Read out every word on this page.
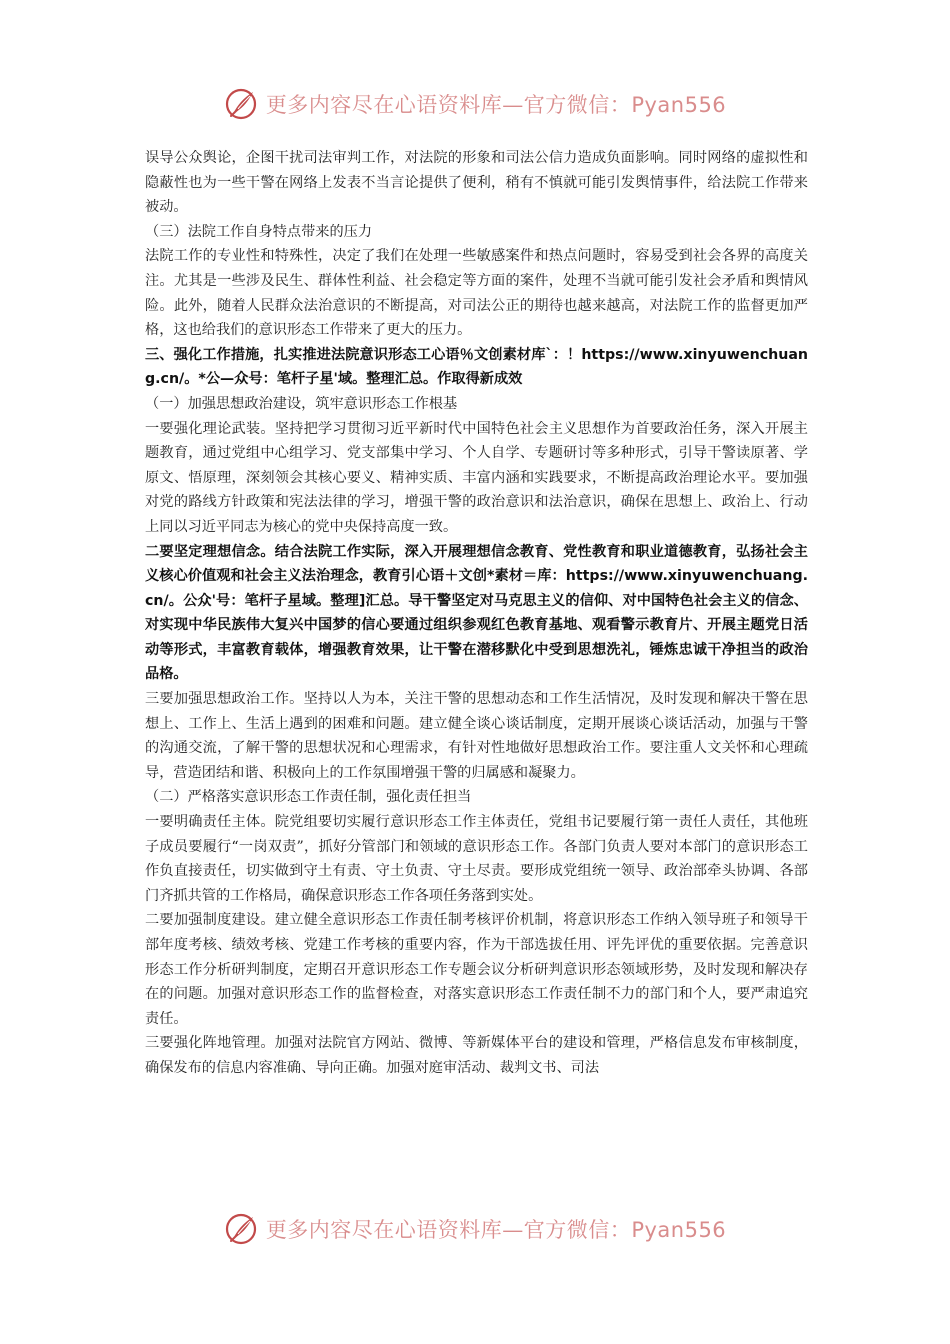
更多内容尽在心语资料库—官方微信：Pyan556

误导公众舆论，企图干扰司法审判工作，对法院的形象和司法公信力造成负面影响。同时网络的虚拟性和隐蔽性也为一些干警在网络上发表不当言论提供了便利，稍有不慎就可能引发舆情事件，给法院工作带来被动。

（三）法院工作自身特点带来的压力

法院工作的专业性和特殊性，决定了我们在处理一些敏感案件和热点问题时，容易受到社会各界的高度关注。尤其是一些涉及民生、群体性利益、社会稳定等方面的案件，处理不当就可能引发社会矛盾和舆情风险。此外，随着人民群众法治意识的不断提高，对司法公正的期待也越来越高，对法院工作的监督更加严格，这也给我们的意识形态工作带来了更大的压力。

三、强化工作措施，扎实推进法院意识形态工心语％文创素材库`：！https://www.xinyuwenchuang.cn/。*公—众号：笔杆子星'域。整理汇总。作取得新成效

（一）加强思想政治建设，筑牢意识形态工作根基

一要强化理论武装。坚持把学习贯彻习近平新时代中国特色社会主义思想作为首要政治任务，深入开展主题教育，通过党组中心组学习、党支部集中学习、个人自学、专题研讨等多种形式，引导干警读原著、学原文、悟原理，深刻领会其核心要义、精神实质、丰富内涵和实践要求，不断提高政治理论水平。要加强对党的路线方针政策和宪法法律的学习，增强干警的政治意识和法治意识，确保在思想上、政治上、行动上同以习近平同志为核心的党中央保持高度一致。

二要坚定理想信念。结合法院工作实际，深入开展理想信念教育、党性教育和职业道德教育，弘扬社会主义核心价值观和社会主义法治理念，教育引心语＋文创*素材＝库：https://www.xinyuwenchuang.cn/。公众'号：笔杆子星域。整理]汇总。导干警坚定对马克思主义的信仰、对中国特色社会主义的信念、对实现中华民族伟大复兴中国梦的信心要通过组织参观红色教育基地、观看警示教育片、开展主题党日活动等形式，丰富教育载体，增强教育效果，让干警在潜移默化中受到思想洗礼，锤炼忠诚干净担当的政治品格。

三要加强思想政治工作。坚持以人为本，关注干警的思想动态和工作生活情况，及时发现和解决干警在思想上、工作上、生活上遇到的困难和问题。建立健全谈心谈话制度，定期开展谈心谈话活动，加强与干警的沟通交流，了解干警的思想状况和心理需求，有针对性地做好思想政治工作。要注重人文关怀和心理疏导，营造团结和谐、积极向上的工作氛围增强干警的归属感和凝聚力。

（二）严格落实意识形态工作责任制，强化责任担当

一要明确责任主体。院党组要切实履行意识形态工作主体责任，党组书记要履行第一责任人责任，其他班子成员要履行“一岗双责”，抓好分管部门和领域的意识形态工作。各部门负责人要对本部门的意识形态工作负直接责任，切实做到守土有责、守土负责、守土尽责。要形成党组统一领导、政治部牵头协调、各部门齐抓共管的工作格局，确保意识形态工作各项任务落到实处。

二要加强制度建设。建立健全意识形态工作责任制考核评价机制，将意识形态工作纳入领导班子和领导干部年度考核、绩效考核、党建工作考核的重要内容，作为干部选拔任用、评先评优的重要依据。完善意识形态工作分析研判制度，定期召开意识形态工作专题会议分析研判意识形态领域形势，及时发现和解决存在的问题。加强对意识形态工作的监督检查，对落实意识形态工作责任制不力的部门和个人，要严肃追究责任。

三要强化阵地管理。加强对法院官方网站、微博、等新媒体平台的建设和管理，严格信息发布审核制度，确保发布的信息内容准确、导向正确。加强对庭审活动、裁判文书、司法

更多内容尽在心语资料库—官方微信：Pyan556
